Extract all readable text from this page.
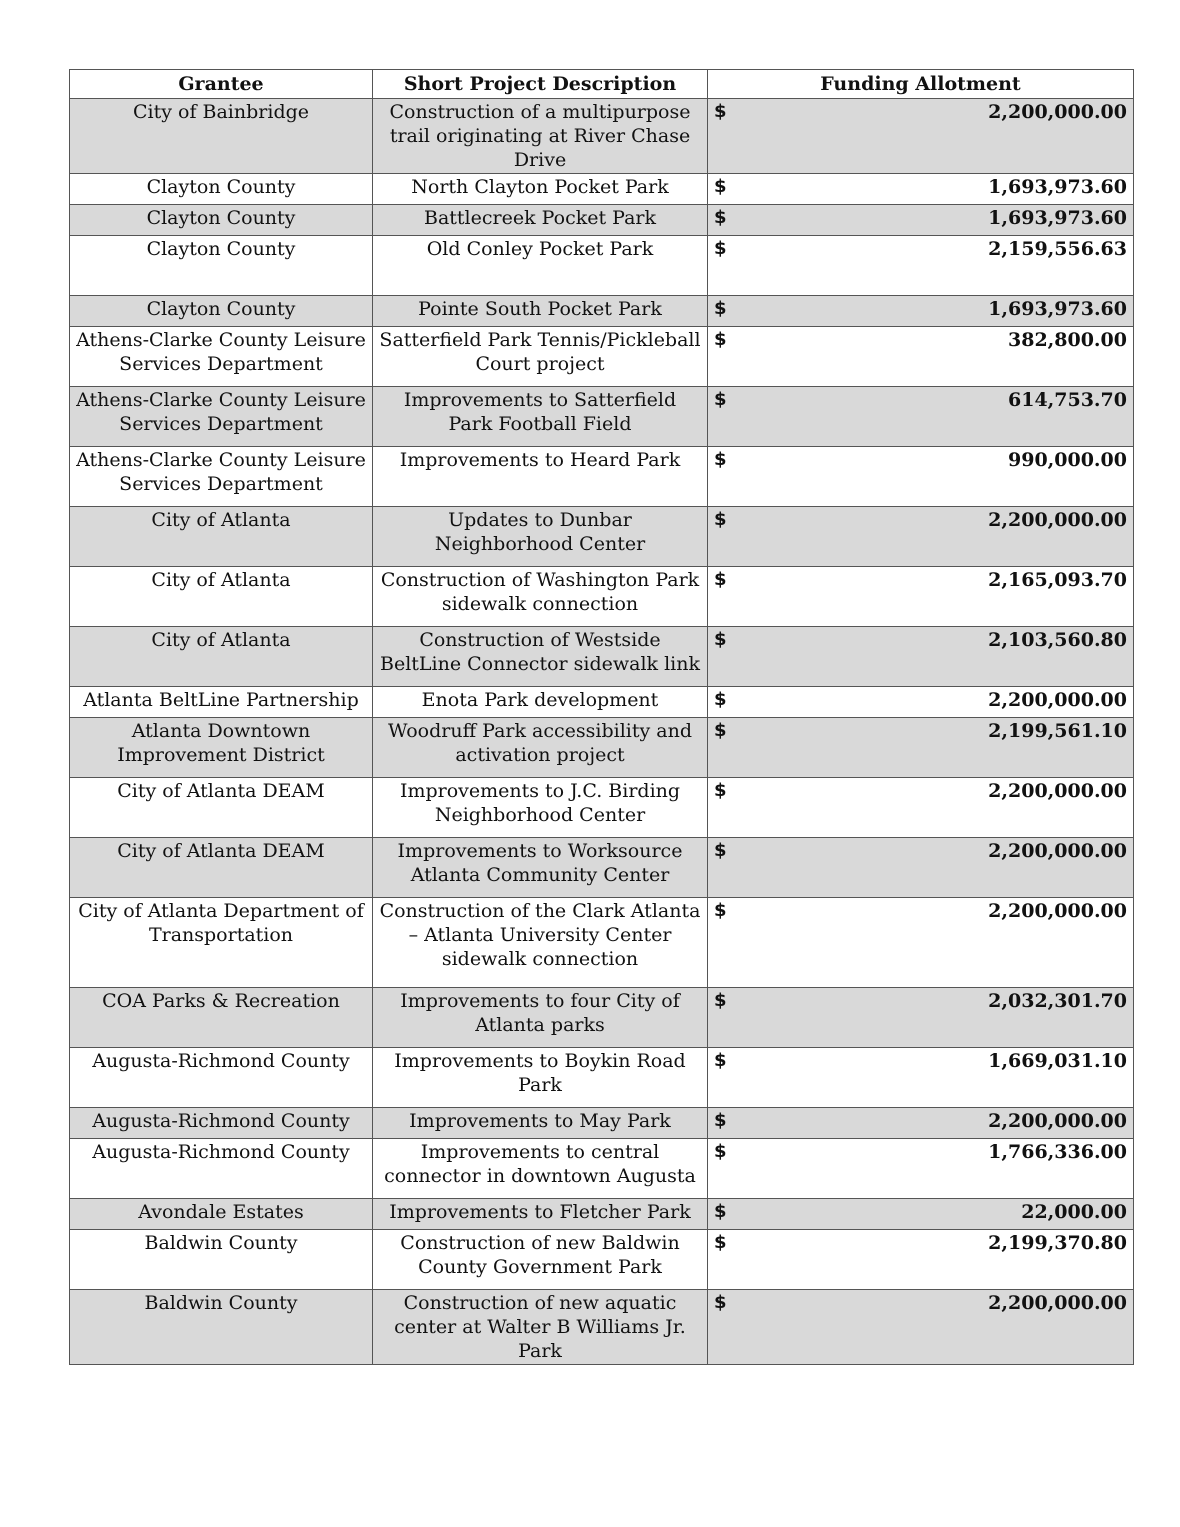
Grantee	Short Project Description	Funding Allotment
City of Bainbridge	Construction of a multipurpose trail originating at River Chase Drive	$ 2,200,000.00

Clayton County	North Clayton Pocket Park	$ 1,693,973.60

Clayton County	Battlecreek Pocket Park	$ 1,693,973.60

Clayton County	Old Conley Pocket Park	$ 2,159,556.63

Clayton County	Pointe South Pocket Park	$ 1,693,973.60

Athens-Clarke County Leisure Services Department	Satterfield Park Tennis/Pickleball Court project	$ 382,800.00

Athens-Clarke County Leisure Services Department	Improvements to Satterfield Park Football Field	$ 614,753.70

Athens-Clarke County Leisure Services Department	Improvements to Heard Park	$ 990,000.00

City of Atlanta	Updates to Dunbar Neighborhood Center	$ 2,200,000.00

City of Atlanta	Construction of Washington Park sidewalk connection	$ 2,165,093.70

City of Atlanta	Construction of Westside BeltLine Connector sidewalk link	$ 2,103,560.80

Atlanta BeltLine Partnership	Enota Park development	$ 2,200,000.00

Atlanta Downtown Improvement District	Woodruff Park accessibility and activation project	$ 2,199,561.10

City of Atlanta DEAM	Improvements to J.C. Birding Neighborhood Center	$ 2,200,000.00

City of Atlanta DEAM	Improvements to Worksource Atlanta Community Center	$ 2,200,000.00

City of Atlanta Department of Transportation	Construction of the Clark Atlanta – Atlanta University Center sidewalk connection	$ 2,200,000.00

COA Parks & Recreation	Improvements to four City of Atlanta parks	$ 2,032,301.70

Augusta-Richmond County	Improvements to Boykin Road Park	$ 1,669,031.10

Augusta-Richmond County	Improvements to May Park	$ 2,200,000.00

Augusta-Richmond County	Improvements to central connector in downtown Augusta	$ 1,766,336.00

Avondale Estates	Improvements to Fletcher Park	$ 22,000.00

Baldwin County	Construction of new Baldwin County Government Park	$ 2,199,370.80

Baldwin County	Construction of new aquatic center at Walter B Williams Jr. Park	$ 2,200,000.00
